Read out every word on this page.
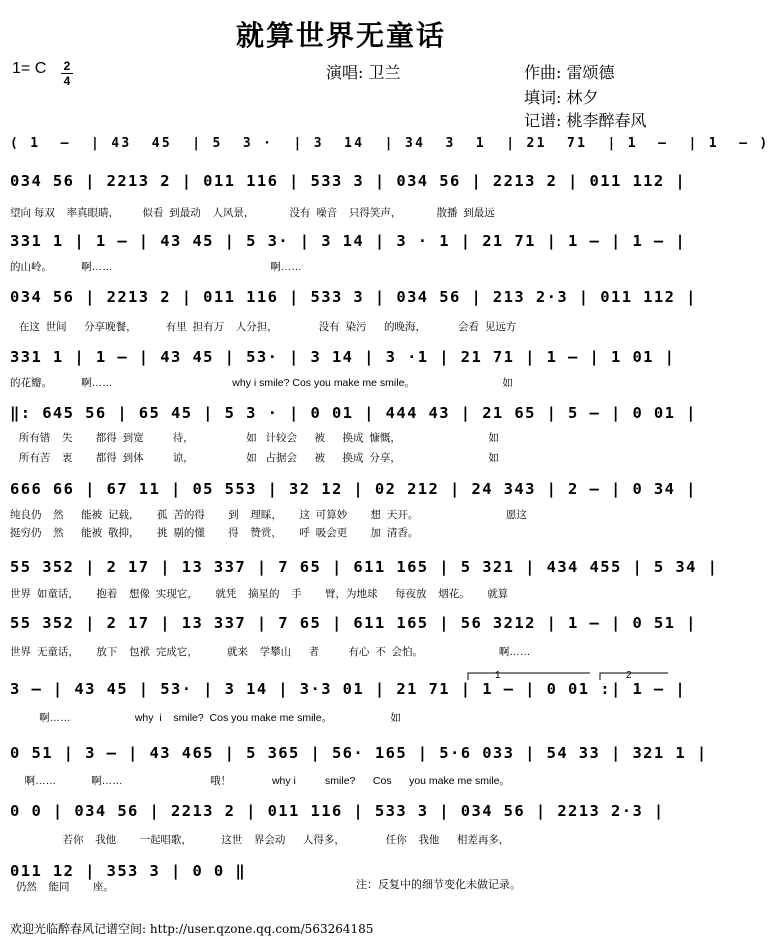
就算世界无童话
1= C 2
4	演唱: 卫兰	作曲: 雷颂德
填词: 林夕
记谱: 桃李醉春风
( 1  –  | 43  45  | 5  3 ·  | 3  14  | 34  3  1  | 21  71  | 1  –  | 1  – )
034 56 | 2213 2 | 011 116 | 533 3 | 034 56 | 2213 2 | 011 112 |
望向 每双    率真眼睛，        似看  到最动    人风景，            没有  噪音    只得笑声，            散播  到最远
331 1 | 1 – | 43 45 | 5 3· | 3 14 | 3 · 1 | 21 71 | 1 – | 1 – |
的山岭。          啊……                                                      啊……
034 56 | 2213 2 | 011 116 | 533 3 | 034 56 | 213 2·3 | 011 112 |
在这  世间      分享晚餐，          有里  担有万    人分担，              没有  染污      的晚海，           会看  见远方
331 1 | 1 – | 43 45 | 53· | 3 14 | 3 ·1 | 21 71 | 1 – | 1 01 |
的花瓣。          啊……                                         why i smile? Cos you make me smile。                              如
‖: 645 56 | 65 45 | 5 3 · | 0 01 | 444 43 | 21 65 | 5 – | 0 01 |
所有错    失        都得  到宽          待，                  如   计较会      被      换成  慷慨，                              如
所有苦    衷        都得  到体          谅，                  如   占据会      被      换成  分享，                              如
666 66 | 67 11 | 05 553 | 32 12 | 02 212 | 24 343 | 2 – | 0 34 |
纯良仍    然      能被  记载，      孤  苦的得        到    理睬，      这  可算妙        想  天开。                              愿这
挺穷仍    然      能被  敬抑，      挑  剔的懂        得    赞赏，      呼  吸会更        加  清香。
55 352 | 2 17 | 13 337 | 7 65 | 611 165 | 5 321 | 434 455 | 5 34 |
世界  如童话，      抱着    想像  实现它，      就凭    摘星的    手        臂，为地球      每夜放    烟花。      就算
55 352 | 2 17 | 13 337 | 7 65 | 611 165 | 56 3212 | 1 – | 0 51 |
世界  无童话，      放下    包袱  完成它，          就来    学攀山      者          有心  不  会怕。                          啊……
3 – | 43 45 | 53· | 3 14 | 3·3 01 | 21 71 | 1 – | 0 01 :| 1 – |
啊……                      why  i    smile?  Cos you make me smile。                    如
0 51 | 3 – | 43 465 | 5 365 | 56· 165 | 5·6 033 | 54 33 | 321 1 |
啊……            啊……                              哦！              why i          smile?      Cos      you make me smile。
0 0 | 034 56 | 2213 2 | 011 116 | 533 3 | 034 56 | 2213 2·3 |
若你    我他        一起唱歌，          这世    界会动      人得多，              任你    我他      相差再多，
011 12 | 353 3 | 0 0 ‖
仍然    能同        座。
1	2
注：反复中的细节变化未做记录。
欢迎光临醉春风记谱空间: http://user.qzone.qq.com/563264185
